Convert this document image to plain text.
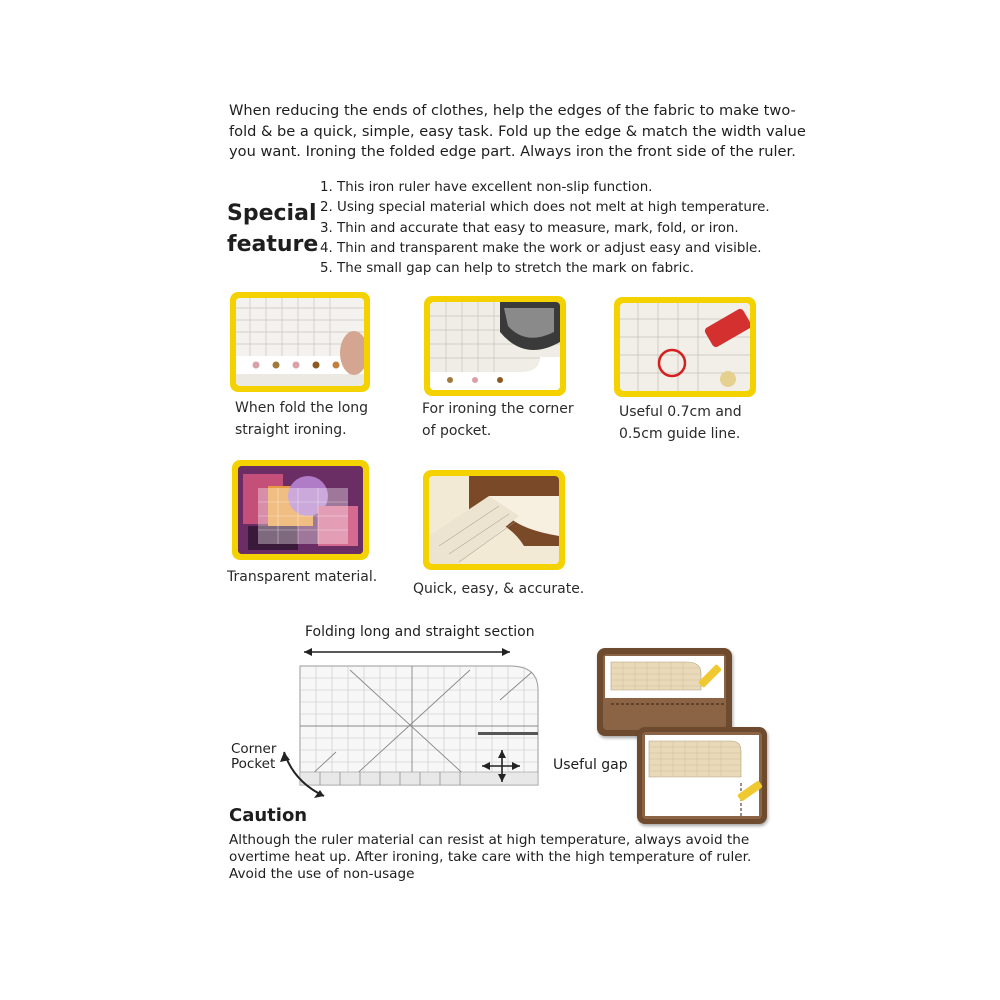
When reducing the ends of clothes, help the edges of the fabric to make two-
fold & be a quick, simple, easy task. Fold up the edge & match the width value
you want. Ironing the folded edge part. Always iron the front side of the ruler.
Special
feature
1. This iron ruler have excellent non-slip function.
2. Using special material which does not melt at high temperature.
3. Thin and accurate that easy to measure, mark, fold, or iron.
4. Thin and transparent make the work or adjust easy and visible.
5. The small gap can help to stretch the mark on fabric.
When fold the long
straight ironing.
For ironing the corner
of pocket.
Useful 0.7cm and
0.5cm guide line.
Transparent material.
Quick, easy, & accurate.
Folding long and straight section
Corner
Pocket	Useful gap
Caution
Although the ruler material can resist at high temperature, always avoid the
overtime heat up. After ironing, take care with the high temperature of ruler.
Avoid the use of non-usage
